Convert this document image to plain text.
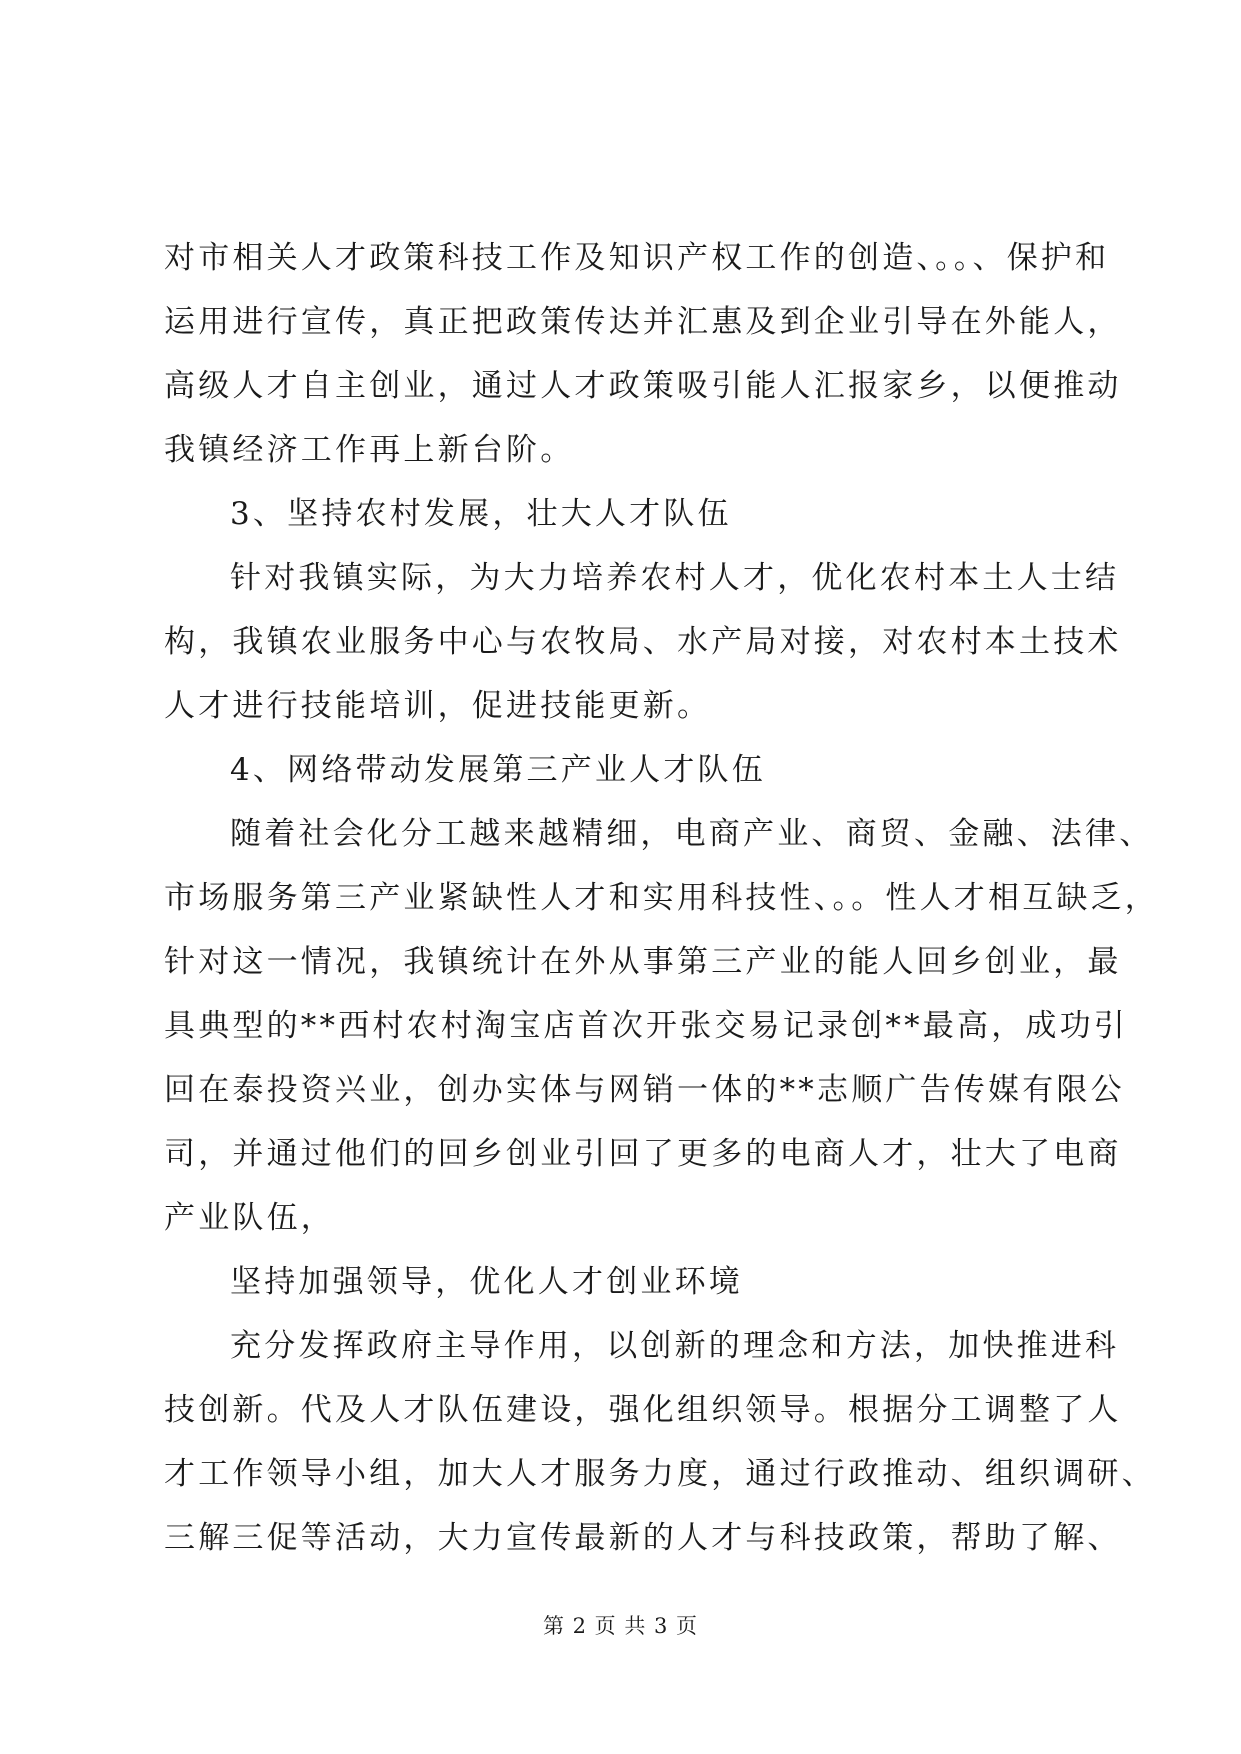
对市相关人才政策科技工作及知识产权工作的创造、。。、保护和
运用进行宣传，真正把政策传达并汇惠及到企业引导在外能人，
高级人才自主创业，通过人才政策吸引能人汇报家乡，以便推动
我镇经济工作再上新台阶。
3、坚持农村发展，壮大人才队伍
针对我镇实际，为大力培养农村人才，优化农村本土人士结
构，我镇农业服务中心与农牧局、水产局对接，对农村本土技术
人才进行技能培训，促进技能更新。
4、网络带动发展第三产业人才队伍
随着社会化分工越来越精细，电商产业、商贸、金融、法律、
市场服务第三产业紧缺性人才和实用科技性、。。性人才相互缺乏，
针对这一情况，我镇统计在外从事第三产业的能人回乡创业，最
具典型的**西村农村淘宝店首次开张交易记录创**最高，成功引
回在泰投资兴业，创办实体与网销一体的**志顺广告传媒有限公
司，并通过他们的回乡创业引回了更多的电商人才，壮大了电商
产业队伍，
坚持加强领导，优化人才创业环境
充分发挥政府主导作用，以创新的理念和方法，加快推进科
技创新。代及人才队伍建设，强化组织领导。根据分工调整了人
才工作领导小组，加大人才服务力度，通过行政推动、组织调研、
三解三促等活动，大力宣传最新的人才与科技政策，帮助了解、
第 2 页 共 3 页
